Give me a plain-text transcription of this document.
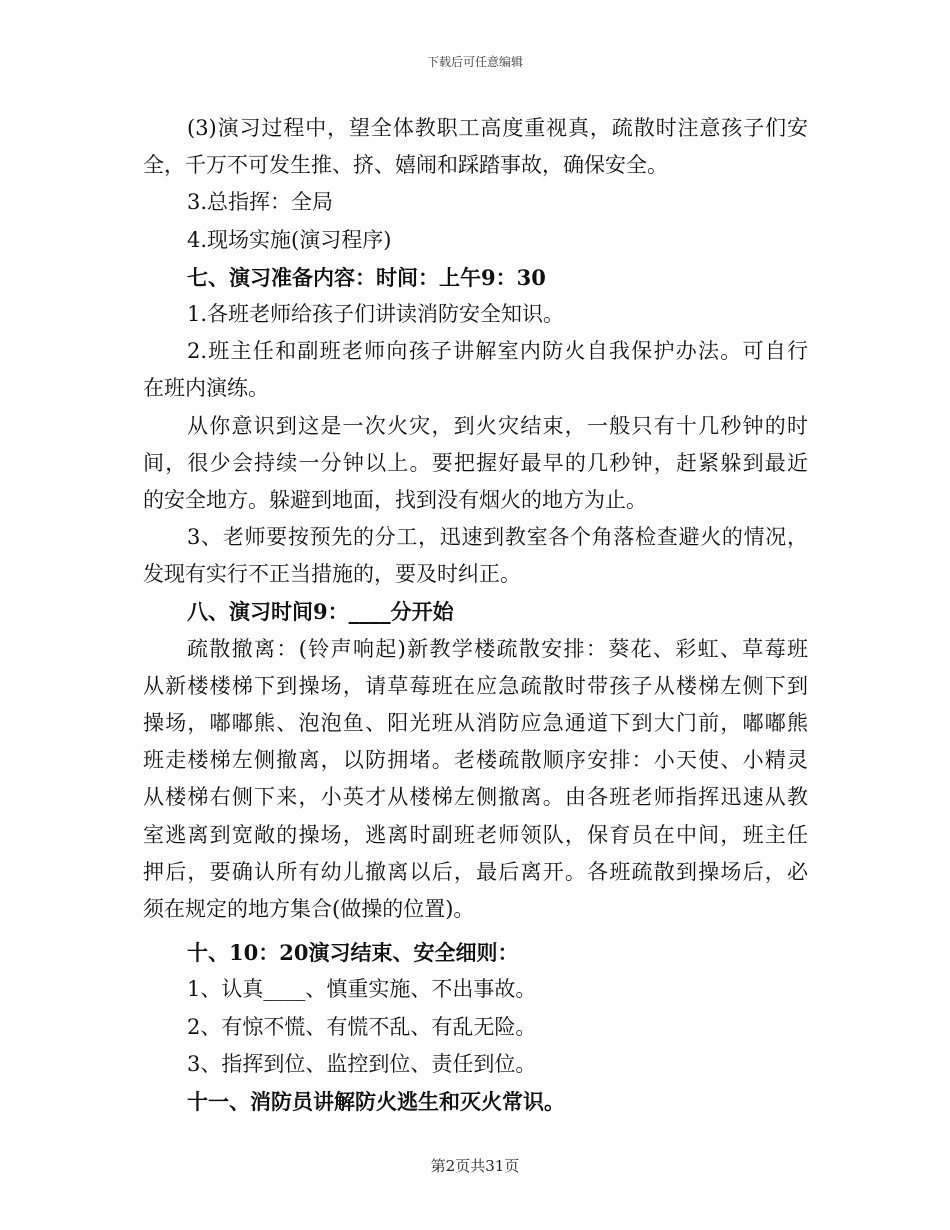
下载后可任意编辑
(3)演习过程中，望全体教职工高度重视真，疏散时注意孩子们安
全，千万不可发生推、挤、嬉闹和踩踏事故，确保安全。
3.总指挥：全局
4.现场实施(演习程序)
七、演习准备内容：时间：上午9：30
1.各班老师给孩子们讲读消防安全知识。
2.班主任和副班老师向孩子讲解室内防火自我保护办法。可自行
在班内演练。
从你意识到这是一次火灾，到火灾结束，一般只有十几秒钟的时
间，很少会持续一分钟以上。要把握好最早的几秒钟，赶紧躲到最近
的安全地方。躲避到地面，找到没有烟火的地方为止。
3、老师要按预先的分工，迅速到教室各个角落检查避火的情况，
发现有实行不正当措施的，要及时纠正。
八、演习时间9：____分开始
疏散撤离：(铃声响起)新教学楼疏散安排：葵花、彩虹、草莓班
从新楼楼梯下到操场，请草莓班在应急疏散时带孩子从楼梯左侧下到
操场，嘟嘟熊、泡泡鱼、阳光班从消防应急通道下到大门前，嘟嘟熊
班走楼梯左侧撤离，以防拥堵。老楼疏散顺序安排：小天使、小精灵
从楼梯右侧下来，小英才从楼梯左侧撤离。由各班老师指挥迅速从教
室逃离到宽敞的操场，逃离时副班老师领队，保育员在中间，班主任
押后，要确认所有幼儿撤离以后，最后离开。各班疏散到操场后，必
须在规定的地方集合(做操的位置)。
十、10：20演习结束、安全细则：
1、认真____、慎重实施、不出事故。
2、有惊不慌、有慌不乱、有乱无险。
3、指挥到位、监控到位、责任到位。
十一、消防员讲解防火逃生和灭火常识。
第2页共31页
